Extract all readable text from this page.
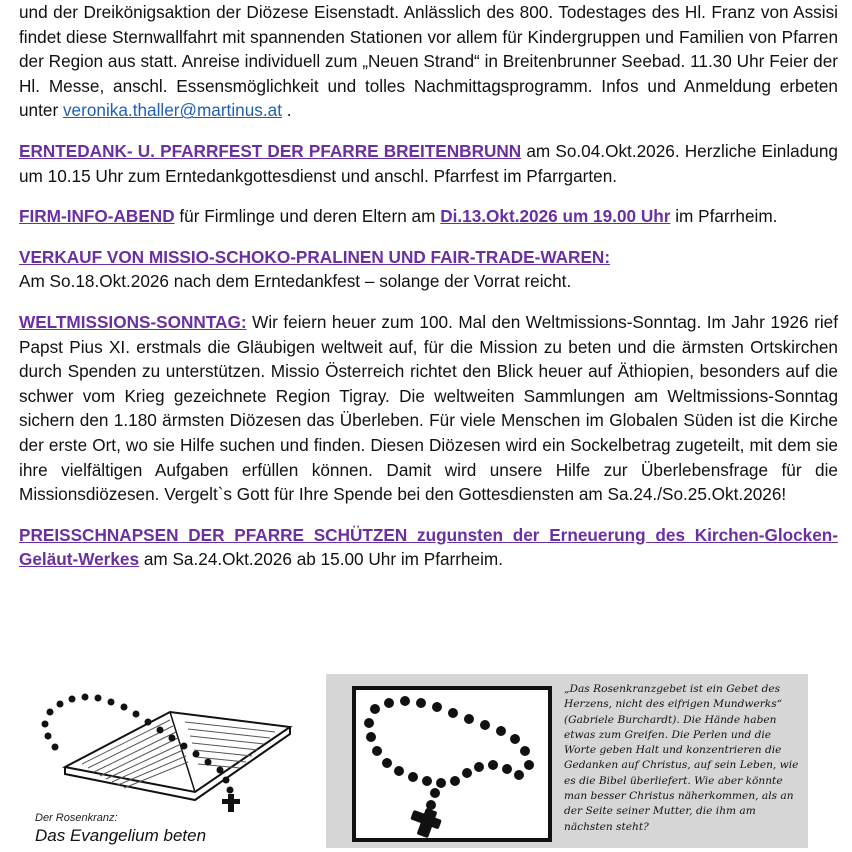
und der Dreikönigsaktion der Diözese Eisenstadt. Anlässlich des 800. Todestages des Hl. Franz von Assisi findet diese Sternwallfahrt mit spannenden Stationen vor allem für Kindergruppen und Familien von Pfarren der Region aus statt. Anreise individuell zum „Neuen Strand“ in Breitenbrunner Seebad. 11.30 Uhr Feier der Hl. Messe, anschl. Essensmöglichkeit und tolles Nachmittagsprogramm. Infos und Anmeldung erbeten unter veronika.thaller@martinus.at .

ERNTEDANK- U. PFARRFEST DER PFARRE BREITENBRUNN am So.04.Okt.2026. Herzliche Einladung um 10.15 Uhr zum Erntedankgottesdienst und anschl. Pfarrfest im Pfarrgarten.

FIRM-INFO-ABEND für Firmlinge und deren Eltern am Di.13.Okt.2026 um 19.00 Uhr im Pfarrheim.

VERKAUF VON MISSIO-SCHOKO-PRALINEN UND FAIR-TRADE-WAREN:
Am So.18.Okt.2026 nach dem Erntedankfest – solange der Vorrat reicht.

WELTMISSIONS-SONNTAG: Wir feiern heuer zum 100. Mal den Weltmissions-Sonntag. Im Jahr 1926 rief Papst Pius XI. erstmals die Gläubigen weltweit auf, für die Mission zu beten und die ärmsten Ortskirchen durch Spenden zu unterstützen. Missio Österreich richtet den Blick heuer auf Äthiopien, besonders auf die schwer vom Krieg gezeichnete Region Tigray. Die weltweiten Sammlungen am Weltmissions-Sonntag sichern den 1.180 ärmsten Diözesen das Überleben. Für viele Menschen im Globalen Süden ist die Kirche der erste Ort, wo sie Hilfe suchen und finden. Diesen Diözesen wird ein Sockelbetrag zugeteilt, mit dem sie ihre vielfältigen Aufgaben erfüllen können. Damit wird unsere Hilfe zur Überlebensfrage für die Missionsdiözesen. Vergelt`s Gott für Ihre Spende bei den Gottesdiensten am Sa.24./So.25.Okt.2026!

PREISSCHNAPSEN DER PFARRE SCHÜTZEN zugunsten der Erneuerung des Kirchen-Glocken-Geläut-Werkes am Sa.24.Okt.2026 ab 15.00 Uhr im Pfarrheim.

Der Rosenkranz:
Das Evangelium beten
„Das Rosenkranzgebet ist ein Gebet des Herzens, nicht des eifrigen Mundwerks“ (Gabriele Burchardt). Die Hände haben etwas zum Greifen. Die Perlen und die Worte geben Halt und konzentrieren die Gedanken auf Christus, auf sein Leben, wie es die Bibel überliefert. Wie aber könnte man besser Christus näherkommen, als an der Seite seiner Mutter, die ihm am nächsten steht?
